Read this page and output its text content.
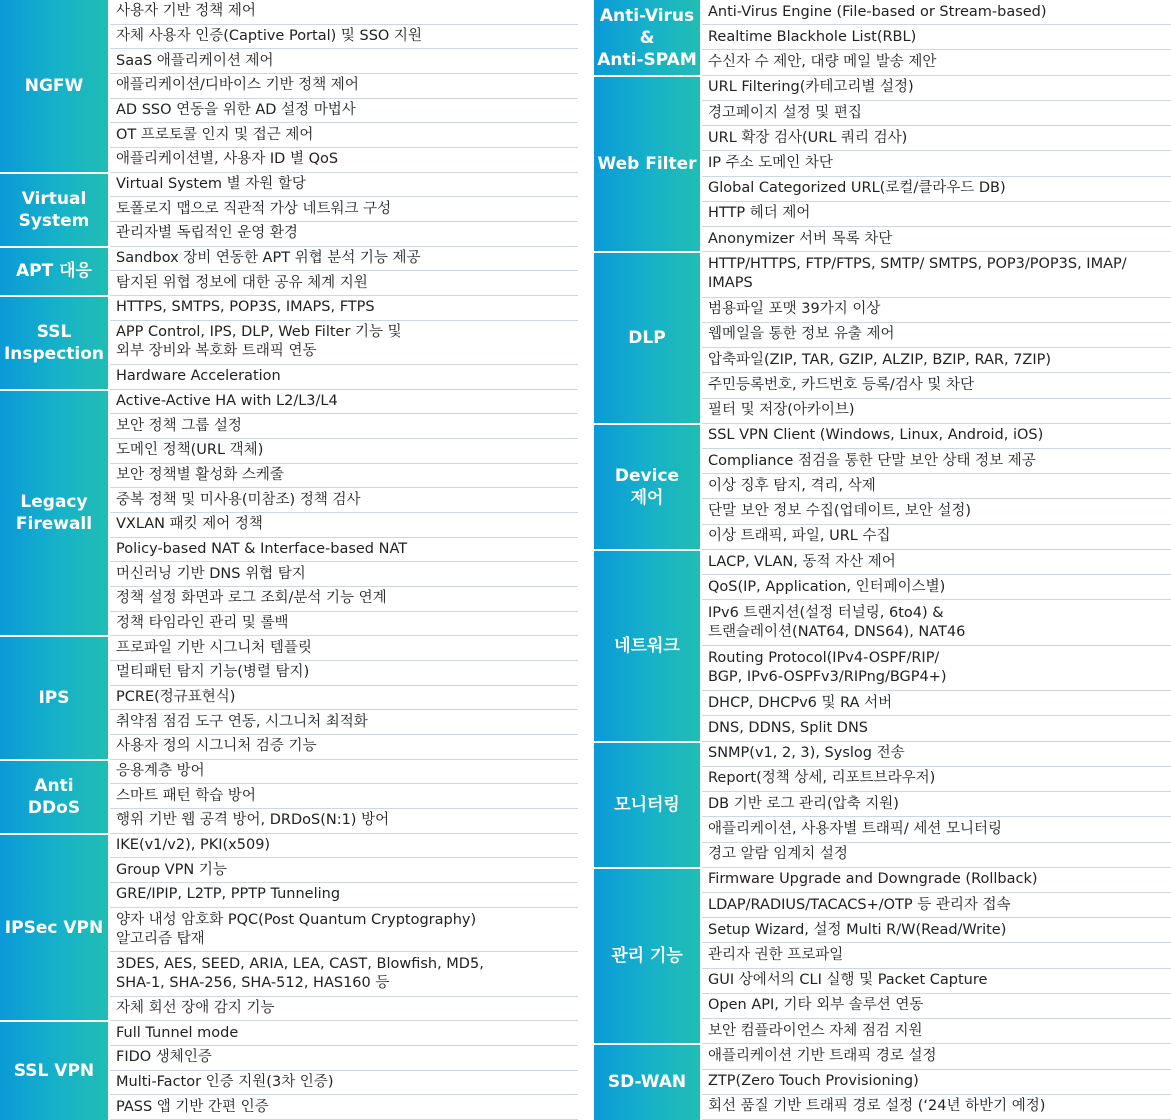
NGFW
사용자 기반 정책 제어
자체 사용자 인증(Captive Portal) 및 SSO 지원
SaaS 애플리케이션 제어
애플리케이션/디바이스 기반 정책 제어
AD SSO 연동을 위한 AD 설정 마법사
OT 프로토콜 인지 및 접근 제어
애플리케이션별, 사용자 ID 별 QoS
Virtual
System
Virtual System 별 자원 할당
토폴로지 맵으로 직관적 가상 네트워크 구성
관리자별 독립적인 운영 환경
APT 대응
Sandbox 장비 연동한 APT 위협 분석 기능 제공
탐지된 위협 정보에 대한 공유 체계 지원
SSL
Inspection
HTTPS, SMTPS, POP3S, IMAPS, FTPS
APP Control, IPS, DLP, Web Filter 기능 및
외부 장비와 복호화 트래픽 연동
Hardware Acceleration
Legacy
Firewall
Active-Active HA with L2/L3/L4
보안 정책 그룹 설정
도메인 정책(URL 객체)
보안 정책별 활성화 스케줄
중복 정책 및 미사용(미참조) 정책 검사
VXLAN 패킷 제어 정책
Policy-based NAT & Interface-based NAT
머신러닝 기반 DNS 위협 탐지
정책 설정 화면과 로그 조회/분석 기능 연계
정책 타임라인 관리 및 롤백
IPS
프로파일 기반 시그니처 템플릿
멀티패턴 탐지 기능(병렬 탐지)
PCRE(정규표현식)
취약점 점검 도구 연동, 시그니처 최적화
사용자 정의 시그니처 검증 기능
Anti
DDoS
응용계층 방어
스마트 패턴 학습 방어
행위 기반 웹 공격 방어, DRDoS(N:1) 방어
IPSec VPN
IKE(v1/v2), PKI(x509)
Group VPN 기능
GRE/IPIP, L2TP, PPTP Tunneling
양자 내성 암호화 PQC(Post Quantum Cryptography)
알고리즘 탑재
3DES, AES, SEED, ARIA, LEA, CAST, Blowfish, MD5,
SHA-1, SHA-256, SHA-512, HAS160 등
자체 회선 장애 감지 기능
SSL VPN
Full Tunnel mode
FIDO 생체인증
Multi-Factor 인증 지원(3차 인증)
PASS 앱 기반 간편 인증
Anti-Virus
&
Anti-SPAM
Anti-Virus Engine (File-based or Stream-based)
Realtime Blackhole List(RBL)
수신자 수 제안, 대량 메일 발송 제안
Web Filter
URL Filtering(카테고리별 설정)
경고페이지 설정 및 편집
URL 확장 검사(URL 쿼리 검사)
IP 주소 도메인 차단
Global Categorized URL(로컬/클라우드 DB)
HTTP 헤더 제어
Anonymizer 서버 목록 차단
DLP
HTTP/HTTPS, FTP/FTPS, SMTP/ SMTPS, POP3/POP3S, IMAP/
IMAPS
범용파일 포맷 39가지 이상
웹메일을 통한 정보 유출 제어
압축파일(ZIP, TAR, GZIP, ALZIP, BZIP, RAR, 7ZIP)
주민등록번호, 카드번호 등록/검사 및 차단
필터 및 저장(아카이브)
Device
제어
SSL VPN Client (Windows, Linux, Android, iOS)
Compliance 점검을 통한 단말 보안 상태 정보 제공
이상 징후 탐지, 격리, 삭제
단말 보안 정보 수집(업데이트, 보안 설정)
이상 트래픽, 파일, URL 수집
네트워크
LACP, VLAN, 동적 자산 제어
QoS(IP, Application, 인터페이스별)
IPv6 트랜지션(설정 터널링, 6to4) &
트랜슬레이션(NAT64, DNS64), NAT46
Routing Protocol(IPv4-OSPF/RIP/
BGP, IPv6-OSPFv3/RIPng/BGP4+)
DHCP, DHCPv6 및 RA 서버
DNS, DDNS, Split DNS
모니터링
SNMP(v1, 2, 3), Syslog 전송
Report(정책 상세, 리포트브라우저)
DB 기반 로그 관리(압축 지원)
애플리케이션, 사용자별 트래픽/ 세션 모니터링
경고 알람 임계치 설정
관리 기능
Firmware Upgrade and Downgrade (Rollback)
LDAP/RADIUS/TACACS+/OTP 등 관리자 접속
Setup Wizard, 설정 Multi R/W(Read/Write)
관리자 권한 프로파일
GUI 상에서의 CLI 실행 및 Packet Capture
Open API, 기타 외부 솔루션 연동
보안 컴플라이언스 자체 점검 지원
SD-WAN
애플리케이션 기반 트래픽 경로 설정
ZTP(Zero Touch Provisioning)
회선 품질 기반 트래픽 경로 설정 (‘24년 하반기 예정)
